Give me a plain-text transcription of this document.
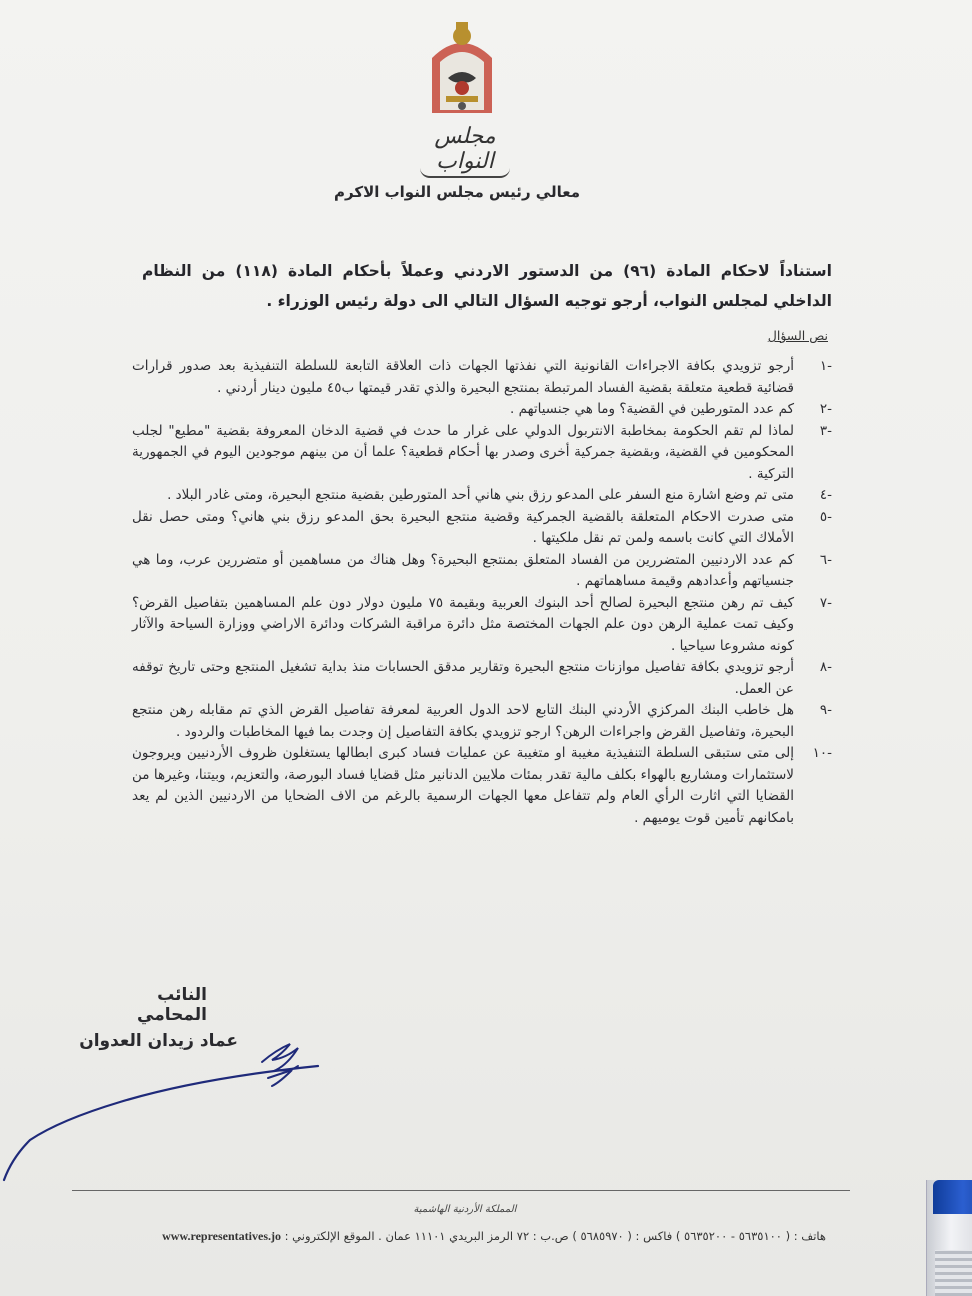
مجلس النواب
معالي رئيس مجلس النواب الاكرم
استناداً لاحكام المادة (٩٦) من الدستور الاردني وعملاً بأحكام المادة (١١٨) من النظام الداخلي لمجلس النواب، أرجو توجيه السؤال التالي الى دولة رئيس الوزراء .
نص السؤال
-١
أرجو تزويدي بكافة الاجراءات القانونية التي نفذتها الجهات ذات العلاقة التابعة للسلطة التنفيذية بعد صدور قرارات قضائية قطعية متعلقة بقضية الفساد المرتبطة بمنتجع البحيرة والذي تقدر قيمتها ب٤٥ مليون دينار أردني .
-٢
كم عدد المتورطين في القضية؟ وما هي جنسياتهم .
-٣
لماذا لم تقم الحكومة بمخاطبة الانتربول الدولي على غرار ما حدث في قضية الدخان المعروفة بقضية "مطيع" لجلب المحكومين في القضية، وبقضية جمركية أخرى وصدر بها أحكام قطعية؟ علما أن من بينهم موجودين اليوم في الجمهورية التركية .
-٤
متى تم وضع اشارة منع السفر على المدعو رزق بني هاني أحد المتورطين بقضية منتجع البحيرة، ومتى غادر البلاد .
-٥
متى صدرت الاحكام المتعلقة بالقضية الجمركية وقضية منتجع البحيرة بحق المدعو رزق بني هاني؟ ومتى حصل نقل الأملاك التي كانت باسمه ولمن تم نقل ملكيتها .
-٦
كم عدد الاردنيين المتضررين من الفساد المتعلق بمنتجع البحيرة؟ وهل هناك من مساهمين أو متضررين عرب، وما هي جنسياتهم وأعدادهم وقيمة مساهماتهم .
-٧
كيف تم رهن منتجع البحيرة لصالح أحد البنوك العربية وبقيمة ٧٥ مليون دولار دون علم المساهمين بتفاصيل القرض؟ وكيف تمت عملية الرهن دون علم الجهات المختصة مثل دائرة مراقبة الشركات ودائرة الاراضي ووزارة السياحة والآثار كونه مشروعا سياحيا .
-٨
أرجو تزويدي بكافة تفاصيل موازنات منتجع البحيرة وتقارير مدقق الحسابات منذ بداية تشغيل المنتجع وحتى تاريخ توقفه عن العمل.
-٩
هل خاطب البنك المركزي الأردني البنك التابع لاحد الدول العربية لمعرفة تفاصيل القرض الذي تم مقابله رهن منتجع البحيرة، وتفاصيل القرض واجراءات الرهن؟ ارجو تزويدي بكافة التفاصيل إن وجدت بما فيها المخاطبات والردود .
-١٠
إلى متى ستبقى السلطة التنفيذية مغيبة او متغيبة عن عمليات فساد كبرى ابطالها يستغلون ظروف الأردنيين ويروجون لاستثمارات ومشاريع بالهواء بكلف مالية تقدر بمئات ملايين الدنانير مثل قضايا فساد البورصة، والتعزيم، وبيتنا، وغيرها من القضايا التي اثارت الرأي العام ولم تتفاعل معها الجهات الرسمية بالرغم من الاف الضحايا من الاردنيين الذين لم يعد بامكانهم تأمين قوت يوميهم .
النائب المحامي
عماد زيدان العدوان
المملكة الأردنية الهاشمية
هاتف : ( ٥٦٣٥١٠٠ - ٥٦٣٥٢٠٠ ) فاكس : ( ٥٦٨٥٩٧٠ ) ص.ب : ٧٢ الرمز البريدي ١١١٠١ عمان . الموقع الإلكتروني : www.representatives.jo
